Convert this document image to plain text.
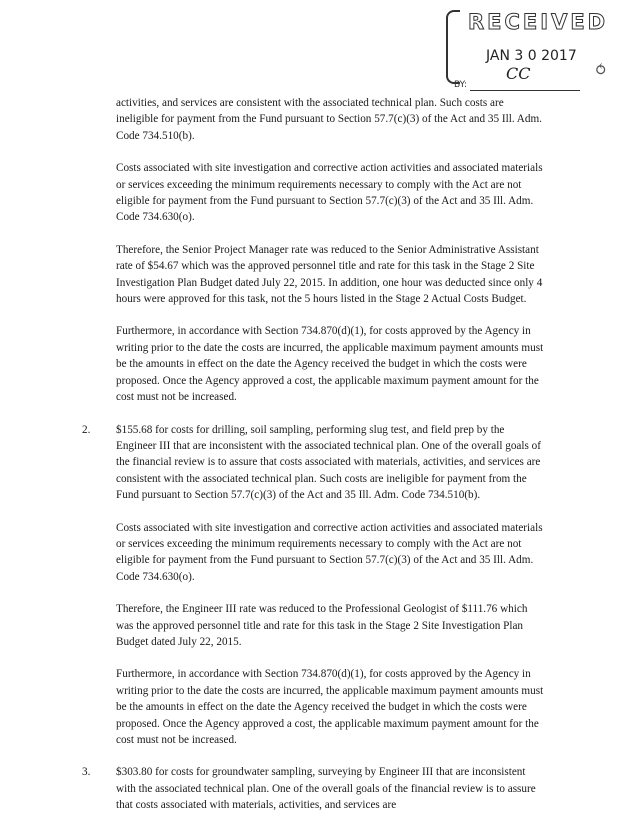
RECEIVED
JAN 3 0 2017
CC
BY:
⥀

activities, and services are consistent with the associated technical plan. Such costs are ineligible for payment from the Fund pursuant to Section 57.7(c)(3) of the Act and 35 Ill. Adm. Code 734.510(b).

Costs associated with site investigation and corrective action activities and associated materials or services exceeding the minimum requirements necessary to comply with the Act are not eligible for payment from the Fund pursuant to Section 57.7(c)(3) of the Act and 35 Ill. Adm. Code 734.630(o).

Therefore, the Senior Project Manager rate was reduced to the Senior Administrative Assistant rate of $54.67 which was the approved personnel title and rate for this task in the Stage 2 Site Investigation Plan Budget dated July 22, 2015. In addition, one hour was deducted since only 4 hours were approved for this task, not the 5 hours listed in the Stage 2 Actual Costs Budget.

Furthermore, in accordance with Section 734.870(d)(1), for costs approved by the Agency in writing prior to the date the costs are incurred, the applicable maximum payment amounts must be the amounts in effect on the date the Agency received the budget in which the costs were proposed. Once the Agency approved a cost, the applicable maximum payment amount for the cost must not be increased.

2. $155.68 for costs for drilling, soil sampling, performing slug test, and field prep by the Engineer III that are inconsistent with the associated technical plan. One of the overall goals of the financial review is to assure that costs associated with materials, activities, and services are consistent with the associated technical plan. Such costs are ineligible for payment from the Fund pursuant to Section 57.7(c)(3) of the Act and 35 Ill. Adm. Code 734.510(b).

Costs associated with site investigation and corrective action activities and associated materials or services exceeding the minimum requirements necessary to comply with the Act are not eligible for payment from the Fund pursuant to Section 57.7(c)(3) of the Act and 35 Ill. Adm. Code 734.630(o).

Therefore, the Engineer III rate was reduced to the Professional Geologist of $111.76 which was the approved personnel title and rate for this task in the Stage 2 Site Investigation Plan Budget dated July 22, 2015.

Furthermore, in accordance with Section 734.870(d)(1), for costs approved by the Agency in writing prior to the date the costs are incurred, the applicable maximum payment amounts must be the amounts in effect on the date the Agency received the budget in which the costs were proposed. Once the Agency approved a cost, the applicable maximum payment amount for the cost must not be increased.

3. $303.80 for costs for groundwater sampling, surveying by Engineer III that are inconsistent with the associated technical plan. One of the overall goals of the financial review is to assure that costs associated with materials, activities, and services are
